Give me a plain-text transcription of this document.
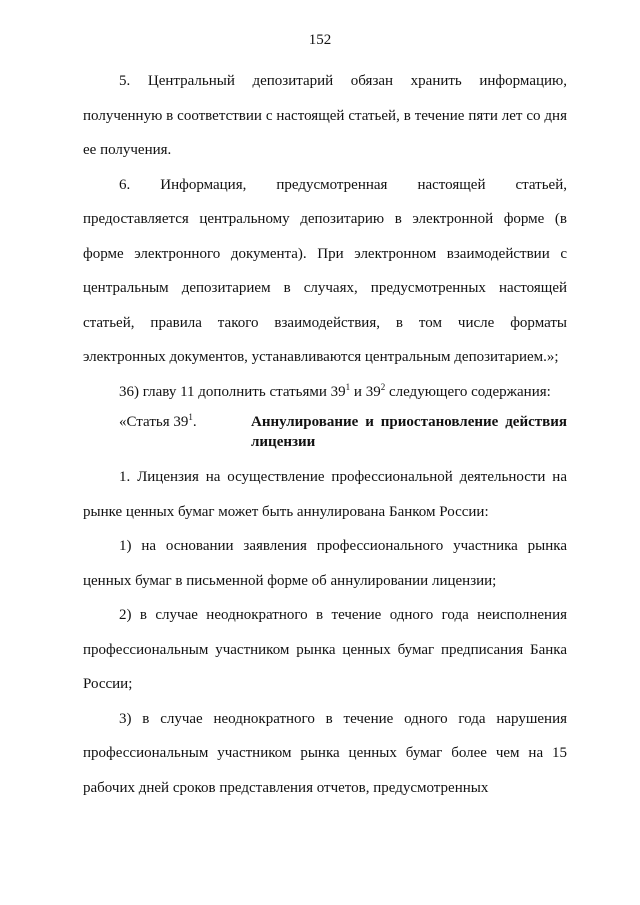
152

5. Центральный депозитарий обязан хранить информацию, полученную в соответствии с настоящей статьей, в течение пяти лет со дня ее получения.

6. Информация, предусмотренная настоящей статьей, предоставляется центральному депозитарию в электронной форме (в форме электронного документа). При электронном взаимодействии с центральным депозитарием в случаях, предусмотренных настоящей статьей, правила такого взаимодействия, в том числе форматы электронных документов, устанавливаются центральным депозитарием.»;

36) главу 11 дополнить статьями $39^1$ и $39^2$ следующего содержания:

«Статья $39^1$.	Аннулирование и приостановление действия лицензии

1. Лицензия на осуществление профессиональной деятельности на рынке ценных бумаг может быть аннулирована Банком России:

1) на основании заявления профессионального участника рынка ценных бумаг в письменной форме об аннулировании лицензии;

2) в случае неоднократного в течение одного года неисполнения профессиональным участником рынка ценных бумаг предписания Банка России;

3) в случае неоднократного в течение одного года нарушения профессиональным участником рынка ценных бумаг более чем на 15 рабочих дней сроков представления отчетов, предусмотренных
